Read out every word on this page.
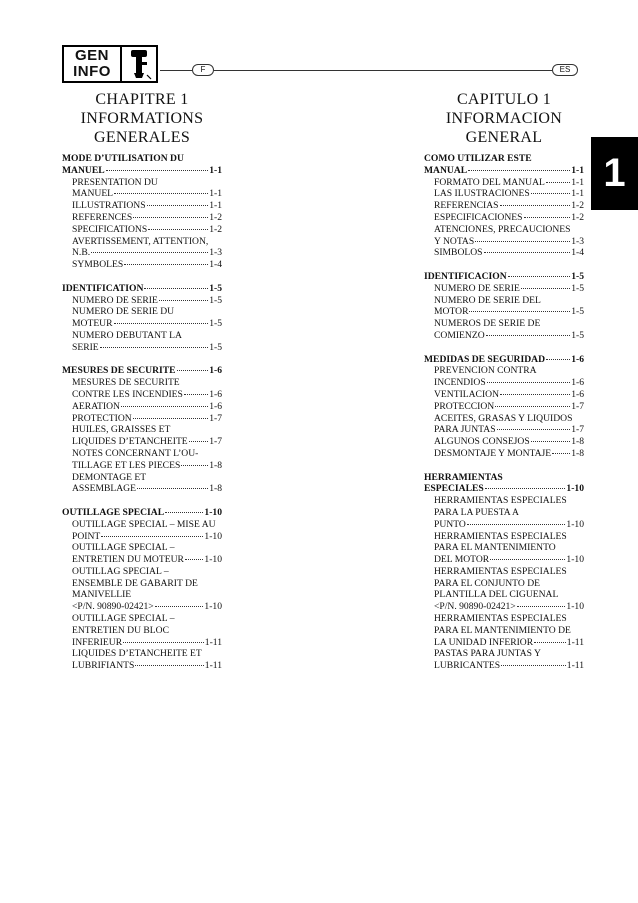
GEN
INFO	F	ES
1
CHAPITRE 1
INFORMATIONS
GENERALES
CAPITULO 1
INFORMACION
GENERAL
MODE D’UTILISATION DU
MANUEL	1-1
PRESENTATION DU
MANUEL	1-1
ILLUSTRATIONS	1-1
REFERENCES	1-2
SPECIFICATIONS	1-2
AVERTISSEMENT, ATTENTION,
N.B.	1-3
SYMBOLES	1-4
IDENTIFICATION	1-5
NUMERO DE SERIE	1-5
NUMERO DE SERIE DU
MOTEUR	1-5
NUMERO DEBUTANT LA
SERIE	1-5
MESURES DE SECURITE	1-6
MESURES DE SECURITE
CONTRE LES INCENDIES	1-6
AERATION	1-6
PROTECTION	1-7
HUILES, GRAISSES ET
LIQUIDES D’ETANCHEITE 1-7
NOTES CONCERNANT L’OU-
TILLAGE ET LES PIECES	1-8
DEMONTAGE ET
ASSEMBLAGE	1-8
OUTILLAGE SPECIAL	1-10
OUTILLAGE SPECIAL – MISE AU
POINT	1-10
OUTILLAGE SPECIAL –
ENTRETIEN DU MOTEUR 1-10
OUTILLAG SPECIAL –
ENSEMBLE DE GABARIT DE
MANIVELLIE
<P/N. 90890-02421>	1-10
OUTILLAGE SPECIAL –
ENTRETIEN DU BLOC
INFERIEUR	1-11
LIQUIDES D’ETANCHEITE ET
LUBRIFIANTS	1-11
COMO UTILIZAR ESTE
MANUAL	1-1
FORMATO DEL MANUAL	1-1
LAS ILUSTRACIONES	1-1
REFERENCIAS	1-2
ESPECIFICACIONES	1-2
ATENCIONES, PRECAUCIONES
Y NOTAS	1-3
SIMBOLOS	1-4
IDENTIFICACION	1-5
NUMERO DE SERIE	1-5
NUMERO DE SERIE DEL
MOTOR	1-5
NUMEROS DE SERIE DE
COMIENZO	1-5
MEDIDAS DE SEGURIDAD	1-6
PREVENCION CONTRA
INCENDIOS	1-6
VENTILACION	1-6
PROTECCION	1-7
ACEITES, GRASAS Y LIQUIDOS
PARA JUNTAS	1-7
ALGUNOS CONSEJOS	1-8
DESMONTAJE Y MONTAJE 1-8
HERRAMIENTAS
ESPECIALES	1-10
HERRAMIENTAS ESPECIALES
PARA LA PUESTA A
PUNTO	1-10
HERRAMIENTAS ESPECIALES
PARA EL MANTENIMIENTO
DEL MOTOR	1-10
HERRAMIENTAS ESPECIALES
PARA EL CONJUNTO DE
PLANTILLA DEL CIGUENAL
<P/N. 90890-02421>	1-10
HERRAMIENTAS ESPECIALES
PARA EL MANTENIMIENTO DE
LA UNIDAD INFERIOR	1-11
PASTAS PARA JUNTAS Y
LUBRICANTES	1-11
